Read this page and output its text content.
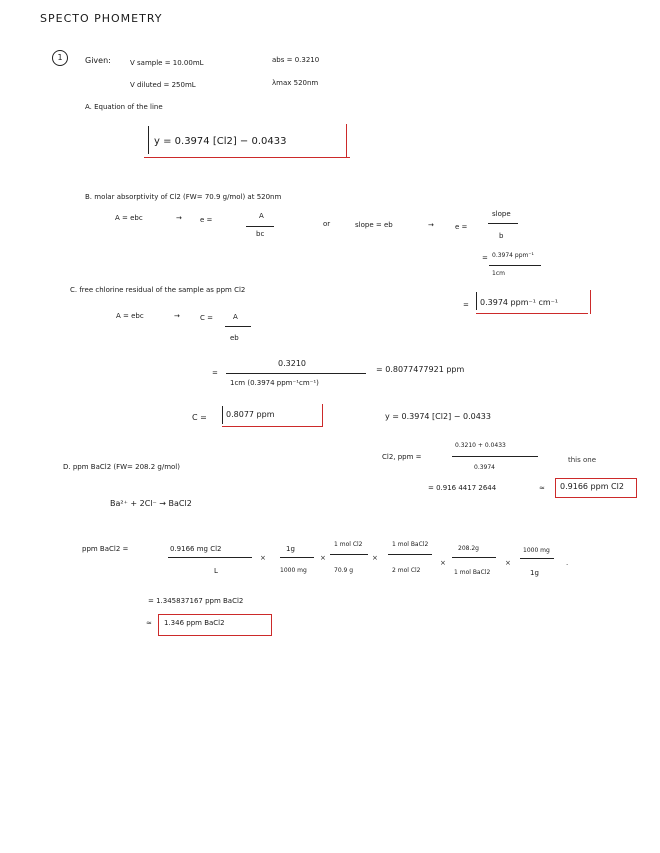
SPECTO PHOMETRY
1	Given:	V sample = 10.00mL
V diluted = 250mL
abs = 0.3210
λmax 520nm
A. Equation of the line
y = 0.3974 [Cl2] − 0.0433
B. molar absorptivity of Cl2 (FW= 70.9 g/mol) at 520nm
A = ebc	→	e =	A
bc
or	slope = eb	→	e =
slope
b
= 0.3974 ppm⁻¹
1cm
= 0.3974 ppm⁻¹ cm⁻¹
C. free chlorine residual of the sample as ppm Cl2
A = ebc	→	C =	A
eb
=
0.3210
1cm (0.3974 ppm⁻¹cm⁻¹)
= 0.8077477921 ppm
C = 0.8077 ppm	y = 0.3974 [Cl2] − 0.0433
Cl2, ppm =
0.3210 + 0.0433
0.3974
this one
= 0.916 4417 2644	≈ 0.9166 ppm Cl2
D. ppm BaCl2 (FW= 208.2 g/mol)
Ba²⁺ + 2Cl⁻ → BaCl2
ppm BaCl2 =	0.9166 mg Cl2
L
×
1g
1000 mg
×
1 mol Cl2
70.9 g
×
1 mol BaCl2
2 mol Cl2
×
208.2g
1 mol BaCl2
×
1000 mg
1g
.
= 1.345837167 ppm BaCl2
≈ 1.346 ppm BaCl2
